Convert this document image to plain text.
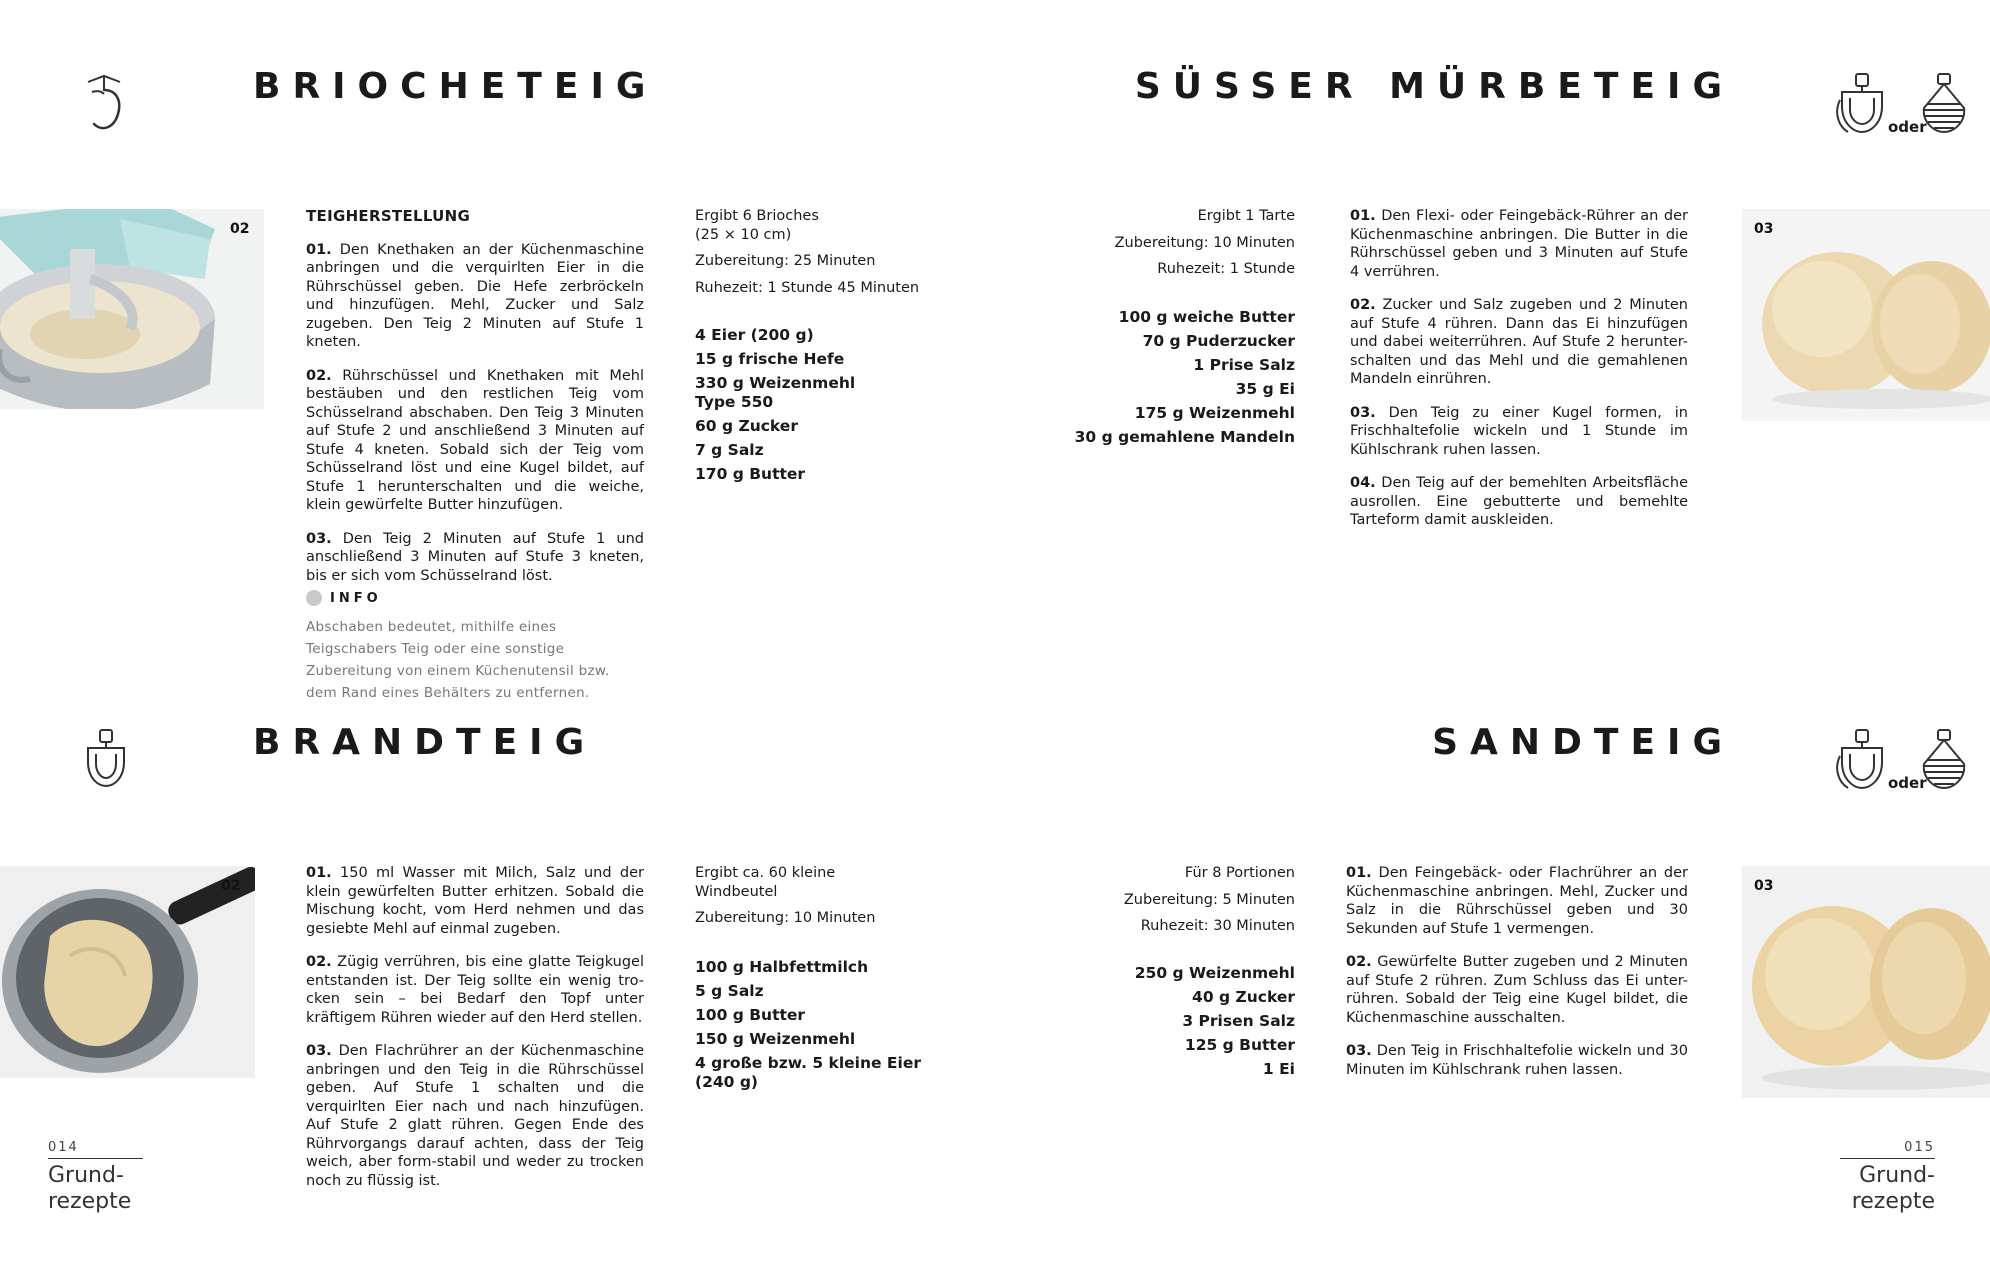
BRIOCHETEIG
02
TEIGHERSTELLUNG

01. Den Knethaken an der Küchenmaschine anbringen und die verquirlten Eier in die Rührschüssel geben. Die Hefe zerbröckeln und hinzufügen. Mehl, Zucker und Salz zugeben. Den Teig 2 Minuten auf Stufe 1 kneten.

02. Rührschüssel und Knethaken mit Mehl bestäuben und den restlichen Teig vom Schüsselrand abschaben. Den Teig 3 Minuten auf Stufe 2 und anschließend 3 Minuten auf Stufe 4 kneten. Sobald sich der Teig vom Schüsselrand löst und eine Kugel bildet, auf Stufe 1 herunterschalten und die weiche, klein gewürfelte Butter hinzufügen.

03. Den Teig 2 Minuten auf Stufe 1 und anschließend 3 Minuten auf Stufe 3 kneten, bis er sich vom Schüsselrand löst.

INFO
Abschaben bedeutet, mithilfe eines Teigschabers Teig oder eine sonstige Zubereitung von einem Küchenutensil bzw. dem Rand eines Behälters zu entfernen.

Ergibt 6 Brioches (25 × 10 cm)

Zubereitung: 25 Minuten

Ruhezeit: 1 Stunde 45 Minuten

4 Eier (200 g)

15 g frische Hefe

330 g Weizenmehl Type 550

60 g Zucker

7 g Salz

170 g Butter

BRANDTEIG
02

01. 150 ml Wasser mit Milch, Salz und der klein gewürfelten Butter erhitzen. Sobald die Mischung kocht, vom Herd nehmen und das gesiebte Mehl auf einmal zugeben.

02. Zügig verrühren, bis eine glatte Teigkugel entstanden ist. Der Teig sollte ein wenig tro-cken sein – bei Bedarf den Topf unter kräftigem Rühren wieder auf den Herd stellen.

03. Den Flachrührer an der Küchenmaschine anbringen und den Teig in die Rührschüssel geben. Auf Stufe 1 schalten und die verquirlten Eier nach und nach hinzufügen. Auf Stufe 2 glatt rühren. Gegen Ende des Rührvorgangs darauf achten, dass der Teig weich, aber form-stabil und weder zu trocken noch zu flüssig ist.

Ergibt ca. 60 kleine Windbeutel

Zubereitung: 10 Minuten

100 g Halbfettmilch

5 g Salz

100 g Butter

150 g Weizenmehl

4 große bzw. 5 kleine Eier (240 g)

014
Grund-
rezepte
SÜSSER MÜRBETEIG
oder

Ergibt 1 Tarte

Zubereitung: 10 Minuten

Ruhezeit: 1 Stunde

100 g weiche Butter

70 g Puderzucker

1 Prise Salz

35 g Ei

175 g Weizenmehl

30 g gemahlene Mandeln

01. Den Flexi- oder Feingebäck-Rührer an der Küchenmaschine anbringen. Die Butter in die Rührschüssel geben und 3 Minuten auf Stufe 4 verrühren.

02. Zucker und Salz zugeben und 2 Minuten auf Stufe 4 rühren. Dann das Ei hinzufügen und dabei weiterrühren. Auf Stufe 2 herunter-schalten und das Mehl und die gemahlenen Mandeln einrühren.

03. Den Teig zu einer Kugel formen, in Frischhaltefolie wickeln und 1 Stunde im Kühlschrank ruhen lassen.

04. Den Teig auf der bemehlten Arbeitsfläche ausrollen. Eine gebutterte und bemehlte Tarteform damit auskleiden.

03
SANDTEIG
oder

Für 8 Portionen

Zubereitung: 5 Minuten

Ruhezeit: 30 Minuten

250 g Weizenmehl

40 g Zucker

3 Prisen Salz

125 g Butter

1 Ei

01. Den Feingebäck- oder Flachrührer an der Küchenmaschine anbringen. Mehl, Zucker und Salz in die Rührschüssel geben und 30 Sekunden auf Stufe 1 vermengen.

02. Gewürfelte Butter zugeben und 2 Minuten auf Stufe 2 rühren. Zum Schluss das Ei unter-rühren. Sobald der Teig eine Kugel bildet, die Küchenmaschine ausschalten.

03. Den Teig in Frischhaltefolie wickeln und 30 Minuten im Kühlschrank ruhen lassen.

03
015
Grund-
rezepte
